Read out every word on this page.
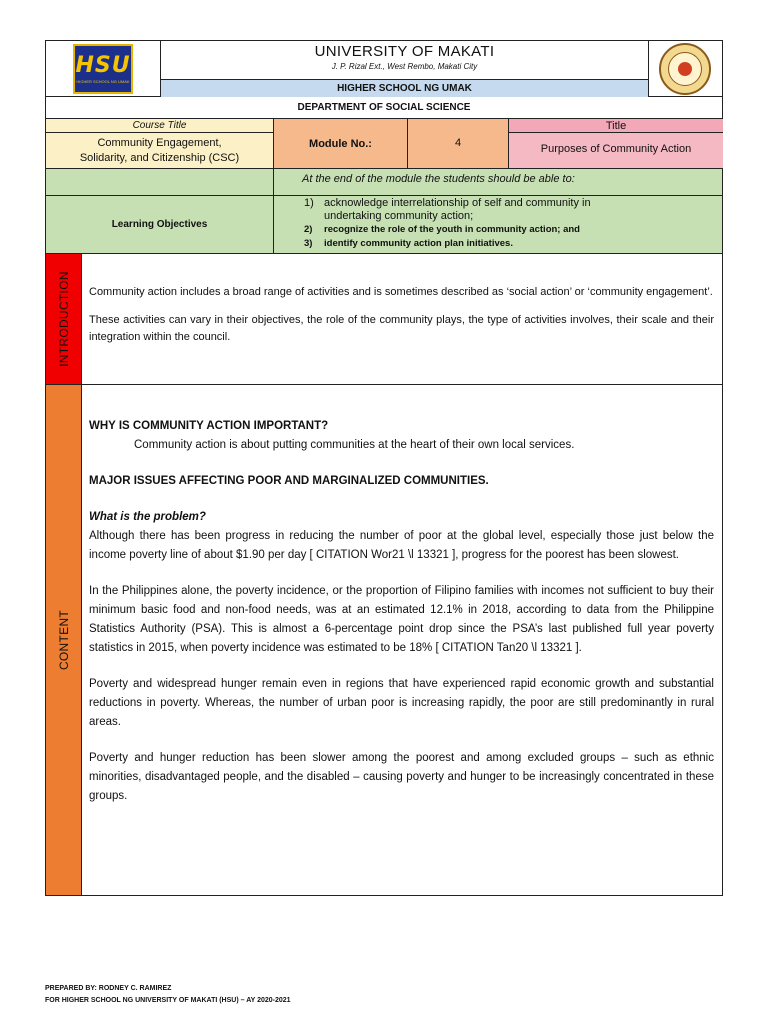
HSU
HIGHER SCHOOL NG UMAK
UNIVERSITY OF MAKATI
J. P. Rizal Ext., West Rembo, Makati City
HIGHER SCHOOL NG UMAK
DEPARTMENT OF SOCIAL SCIENCE
Course Title
Community Engagement,
Solidarity, and Citizenship (CSC)
Module No.:	4
Title
Purposes of Community Action
At the end of the module the students should be able to:
Learning Objectives
1) acknowledge interrelationship of self and community in
undertaking community action;
2) recognize the role of the youth in community action; and
3) identify community action plan initiatives.
INTRODUCTION Community action includes a broad range of activities and is sometimes described as ‘social action’ or ‘community engagement’.

These activities can vary in their objectives, the role of the community plays, the type of activities involves, their scale and their integration within the council.

CONTENT
WHY IS COMMUNITY ACTION IMPORTANT?
Community action is about putting communities at the heart of their own local services.
MAJOR ISSUES AFFECTING POOR AND MARGINALIZED COMMUNITIES.
What is the problem?

Although there has been progress in reducing the number of poor at the global level, especially those just below the income poverty line of about $1.90 per day [ CITATION Wor21 \l 13321 ], progress for the poorest has been slowest.

In the Philippines alone, the poverty incidence, or the proportion of Filipino families with incomes not sufficient to buy their minimum basic food and non-food needs, was at an estimated 12.1% in 2018, according to data from the Philippine Statistics Authority (PSA). This is almost a 6-percentage point drop since the PSA’s last published full year poverty statistics in 2015, when poverty incidence was estimated to be 18% [ CITATION Tan20 \l 13321 ].

Poverty and widespread hunger remain even in regions that have experienced rapid economic growth and substantial reductions in poverty. Whereas, the number of urban poor is increasing rapidly, the poor are still predominantly in rural areas.

Poverty and hunger reduction has been slower among the poorest and among excluded groups – such as ethnic minorities, disadvantaged people, and the disabled – causing poverty and hunger to be increasingly concentrated in these groups.

PREPARED BY: RODNEY C. RAMIREZ
FOR HIGHER SCHOOL NG UNIVERSITY OF MAKATI (HSU) – AY 2020-2021
